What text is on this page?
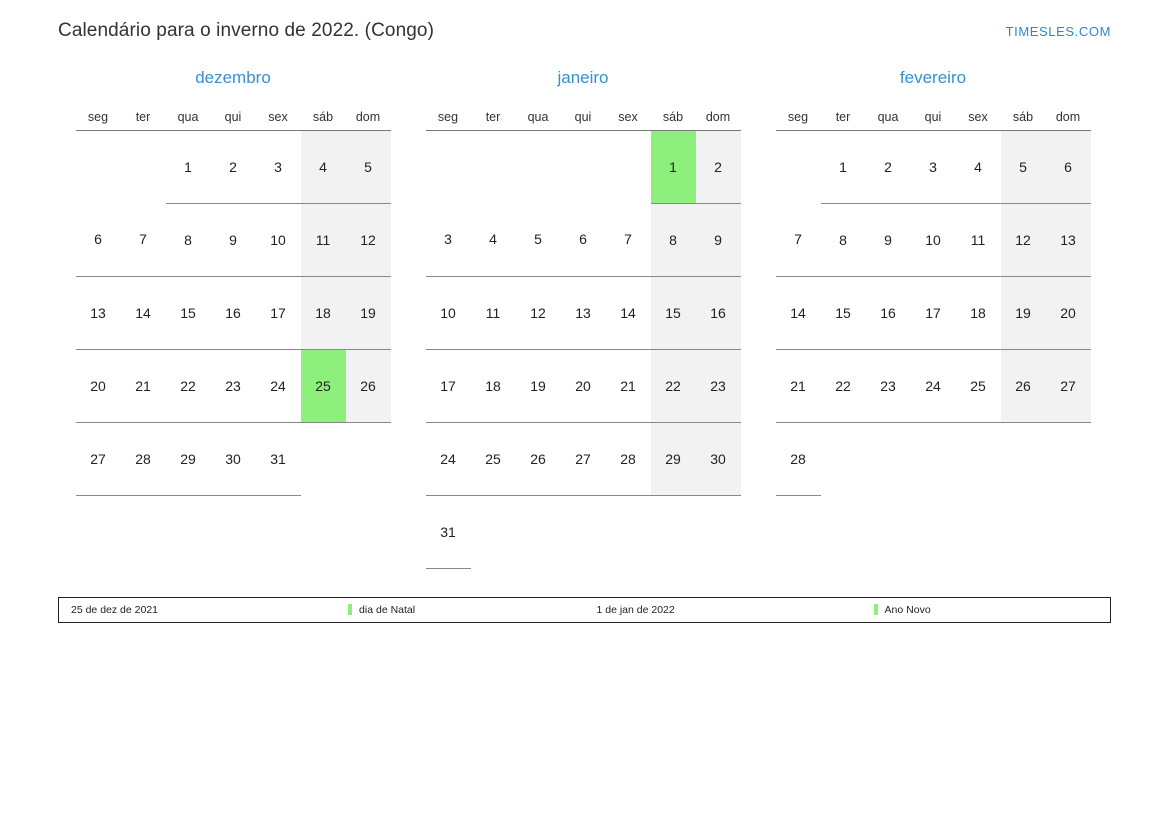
Calendário para o inverno de 2022. (Congo)	TIMESLES.COM
dezembro
seg	ter	qua	qui	sex	sáb	dom
		1	2	3	4	5
6	7	8	9	10	11	12
13	14	15	16	17	18	19
20	21	22	23	24	25	26
27	28	29	30	31		
janeiro
seg	ter	qua	qui	sex	sáb	dom
					1	2
3	4	5	6	7	8	9
10	11	12	13	14	15	16
17	18	19	20	21	22	23
24	25	26	27	28	29	30
31						
fevereiro
seg	ter	qua	qui	sex	sáb	dom
	1	2	3	4	5	6
7	8	9	10	11	12	13
14	15	16	17	18	19	20
21	22	23	24	25	26	27
28						
25 de dez de 2021	dia de Natal	1 de jan de 2022	Ano Novo
